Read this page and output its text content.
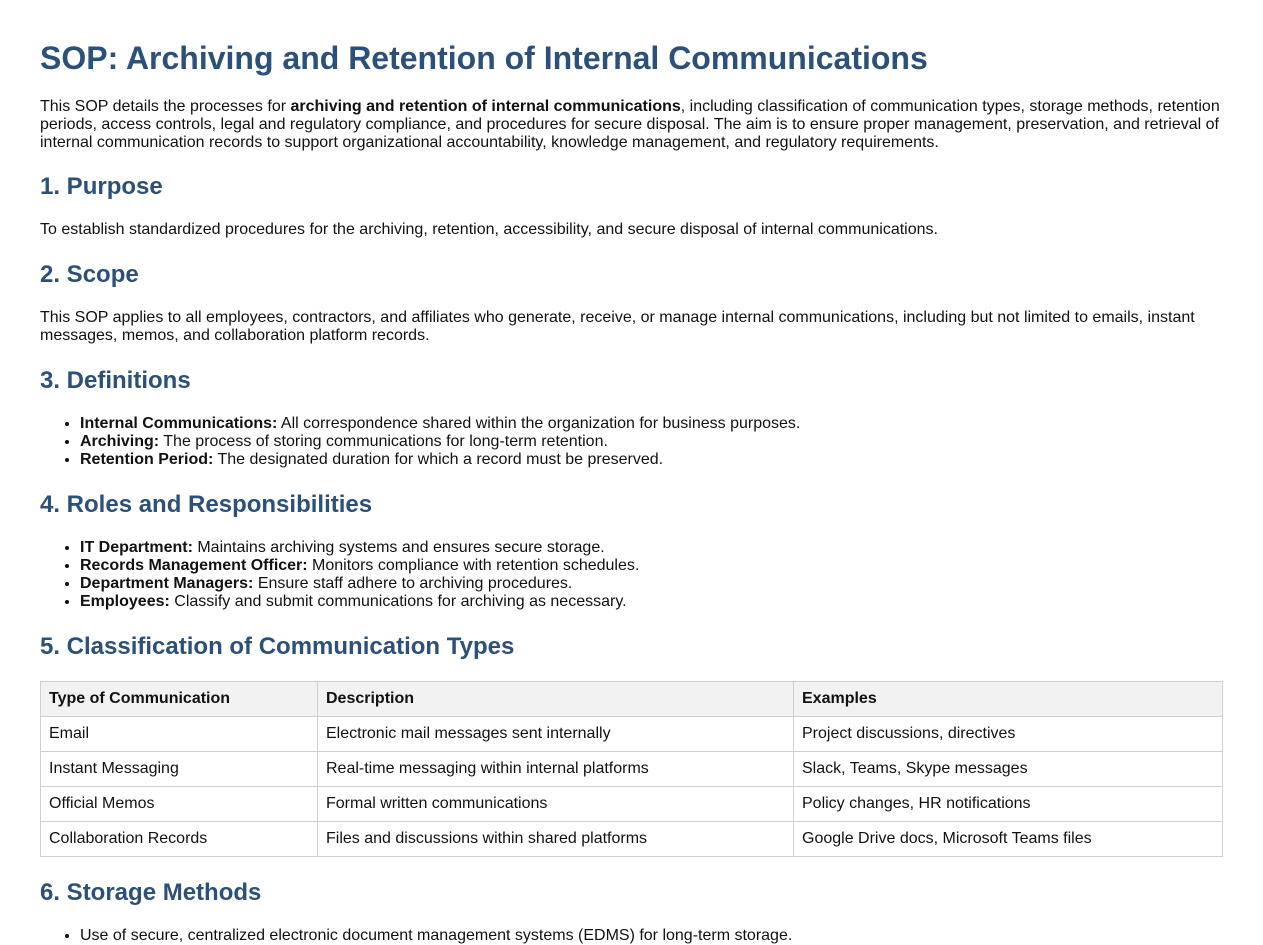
SOP: Archiving and Retention of Internal Communications

This SOP details the processes for archiving and retention of internal communications, including classification of communication types, storage methods, retention periods, access controls, legal and regulatory compliance, and procedures for secure disposal. The aim is to ensure proper management, preservation, and retrieval of internal communication records to support organizational accountability, knowledge management, and regulatory requirements.

1. Purpose

To establish standardized procedures for the archiving, retention, accessibility, and secure disposal of internal communications.

2. Scope

This SOP applies to all employees, contractors, and affiliates who generate, receive, or manage internal communications, including but not limited to emails, instant messages, memos, and collaboration platform records.

3. Definitions
• Internal Communications: All correspondence shared within the organization for business purposes.
• Archiving: The process of storing communications for long-term retention.
• Retention Period: The designated duration for which a record must be preserved.
4. Roles and Responsibilities
• IT Department: Maintains archiving systems and ensures secure storage.
• Records Management Officer: Monitors compliance with retention schedules.
• Department Managers: Ensure staff adhere to archiving procedures.
• Employees: Classify and submit communications for archiving as necessary.
5. Classification of Communication Types
Type of Communication	Description	Examples
Email	Electronic mail messages sent internally	Project discussions, directives
Instant Messaging	Real-time messaging within internal platforms	Slack, Teams, Skype messages
Official Memos	Formal written communications	Policy changes, HR notifications
Collaboration Records	Files and discussions within shared platforms	Google Drive docs, Microsoft Teams files
6. Storage Methods
• Use of secure, centralized electronic document management systems (EDMS) for long-term storage.
